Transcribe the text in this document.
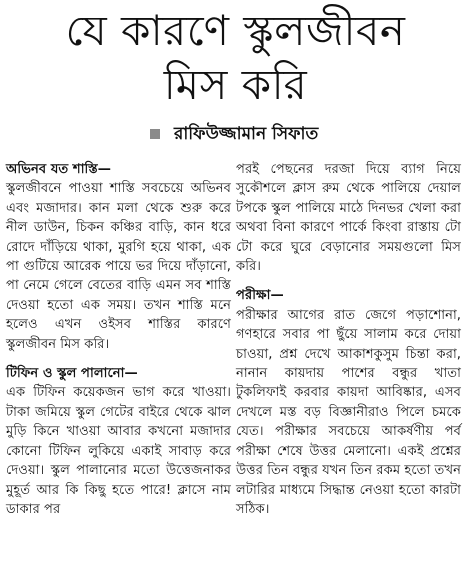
যে কারণে স্কুলজীবন
মিস করি
রাফিউজ্জামান সিফাত
অভিনব যত শাস্তি—
স্কুলজীবনে পাওয়া শাস্তি সবচেয়ে অভিনব এবং মজাদার। কান মলা থেকে শুরু করে নীল ডাউন, চিকন কঞ্চির বাড়ি, কান ধরে রোদে দাঁড়িয়ে থাকা, মুরগি হয়ে থাকা, এক পা গুটিয়ে আরেক পায়ে ভর দিয়ে দাঁড়ানো, পা নেমে গেলে বেতের বাড়ি এমন সব শাস্তি দেওয়া হতো এক সময়। তখন শাস্তি মনে হলেও এখন ওইসব শাস্তির কারণে স্কুলজীবন মিস করি।
টিফিন ও স্কুল পালানো—
এক টিফিন কয়েকজন ভাগ করে খাওয়া। টাকা জমিয়ে স্কুল গেটের বাইরে থেকে ঝাল মুড়ি কিনে খাওয়া আবার কখনো মজাদার কোনো টিফিন লুকিয়ে একাই সাবাড় করে দেওয়া। স্কুল পালানোর মতো উত্তেজনাকর মুহূর্ত আর কি কিছু হতে পারে! ক্লাসে নাম ডাকার পর
পরই পেছনের দরজা দিয়ে ব্যাগ নিয়ে সুকৌশলে ক্লাস রুম থেকে পালিয়ে দেয়াল টপকে স্কুল পালিয়ে মাঠে দিনভর খেলা করা অথবা বিনা কারণে পার্কে কিংবা রাস্তায় টো টো করে ঘুরে বেড়ানোর সময়গুলো মিস করি।
পরীক্ষা—
পরীক্ষার আগের রাত জেগে পড়াশোনা, গণহারে সবার পা ছুঁয়ে সালাম করে দোয়া চাওয়া, প্রশ্ন দেখে আকাশকুসুম চিন্তা করা, নানান কায়দায় পাশের বন্ধুর খাতা টুকলিফাই করবার কায়দা আবিষ্কার, এসব দেখলে মস্ত বড় বিজ্ঞানীরাও পিলে চমকে যেত। পরীক্ষার সবচেয়ে আকর্ষণীয় পর্ব পরীক্ষা শেষে উত্তর মেলানো। একই প্রশ্নের উত্তর তিন বন্ধুর যখন তিন রকম হতো তখন লটারির মাধ্যমে সিদ্ধান্ত নেওয়া হতো কারটা সঠিক।
